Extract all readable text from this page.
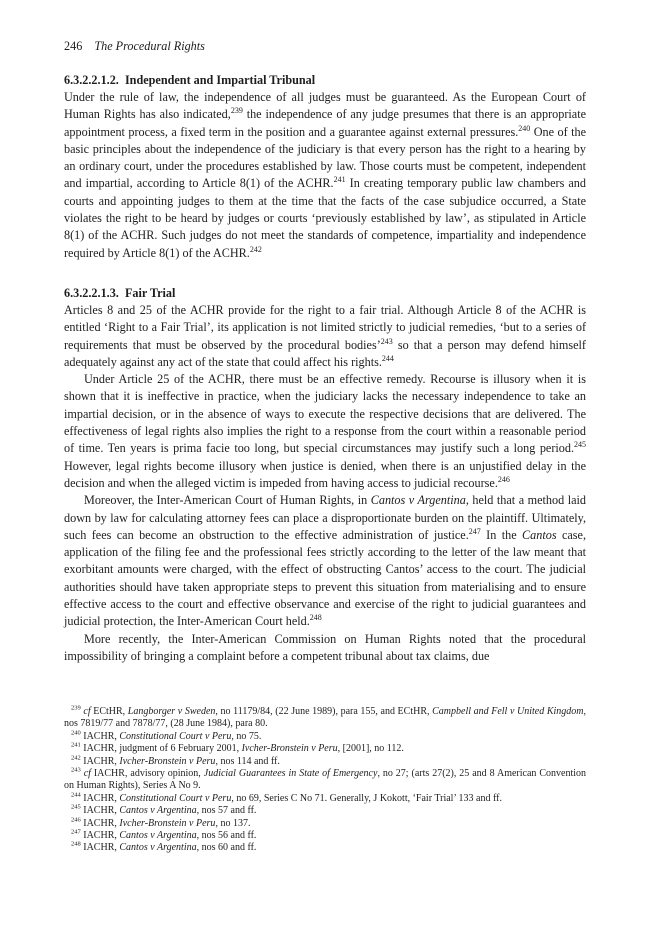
246 The Procedural Rights
6.3.2.2.1.2. Independent and Impartial Tribunal

Under the rule of law, the independence of all judges must be guaranteed. As the European Court of Human Rights has also indicated,$^{239}$ the independence of any judge presumes that there is an appropriate appointment process, a fixed term in the position and a guarantee against external pressures.$^{240}$ One of the basic principles about the independence of the judiciary is that every person has the right to a hearing by an ordinary court, under the procedures established by law. Those courts must be competent, independent and impartial, according to Article 8(1) of the ACHR.$^{241}$ In creating temporary public law chambers and courts and appointing judges to them at the time that the facts of the case subjudice occurred, a State violates the right to be heard by judges or courts ‘previously established by law’, as stipulated in Article 8(1) of the ACHR. Such judges do not meet the standards of competence, impartiality and independence required by Article 8(1) of the ACHR.$^{242}$

6.3.2.2.1.3. Fair Trial

Articles 8 and 25 of the ACHR provide for the right to a fair trial. Although Article 8 of the ACHR is entitled ‘Right to a Fair Trial’, its application is not limited strictly to judicial remedies, ‘but to a series of requirements that must be observed by the procedural bodies’$^{243}$ so that a person may defend himself adequately against any act of the state that could affect his rights.$^{244}$

Under Article 25 of the ACHR, there must be an effective remedy. Recourse is illusory when it is shown that it is ineffective in practice, when the judiciary lacks the necessary independence to take an impartial decision, or in the absence of ways to execute the respective decisions that are delivered. The effectiveness of legal rights also implies the right to a response from the court within a reasonable period of time. Ten years is prima facie too long, but special circumstances may justify such a long period.$^{245}$ However, legal rights become illusory when justice is denied, when there is an unjustified delay in the decision and when the alleged victim is impeded from having access to judicial recourse.$^{246}$

Moreover, the Inter-American Court of Human Rights, in Cantos v Argentina, held that a method laid down by law for calculating attorney fees can place a disproportionate burden on the plaintiff. Ultimately, such fees can become an obstruction to the effective administration of justice.$^{247}$ In the Cantos case, application of the filing fee and the professional fees strictly according to the letter of the law meant that exorbitant amounts were charged, with the effect of obstructing Cantos’ access to the court. The judicial authorities should have taken appropriate steps to prevent this situation from materialising and to ensure effective access to the court and effective observance and exercise of the right to judicial guarantees and judicial protection, the Inter-American Court held.$^{248}$

More recently, the Inter-American Commission on Human Rights noted that the procedural impossibility of bringing a complaint before a competent tribunal about tax claims, due

$^{239}$ cf ECtHR, Langborger v Sweden, no 11179/84, (22 June 1989), para 155, and ECtHR, Campbell and Fell v United Kingdom, nos 7819/77 and 7878/77, (28 June 1984), para 80.

$^{240}$ IACHR, Constitutional Court v Peru, no 75.

$^{241}$ IACHR, judgment of 6 February 2001, Ivcher-Bronstein v Peru, [2001], no 112.

$^{242}$ IACHR, Ivcher-Bronstein v Peru, nos 114 and ff.

$^{243}$ cf IACHR, advisory opinion, Judicial Guarantees in State of Emergency, no 27; (arts 27(2), 25 and 8 American Convention on Human Rights), Series A No 9.

$^{244}$ IACHR, Constitutional Court v Peru, no 69, Series C No 71. Generally, J Kokott, ‘Fair Trial’ 133 and ff.

$^{245}$ IACHR, Cantos v Argentina, nos 57 and ff.

$^{246}$ IACHR, Ivcher-Bronstein v Peru, no 137.

$^{247}$ IACHR, Cantos v Argentina, nos 56 and ff.

$^{248}$ IACHR, Cantos v Argentina, nos 60 and ff.
